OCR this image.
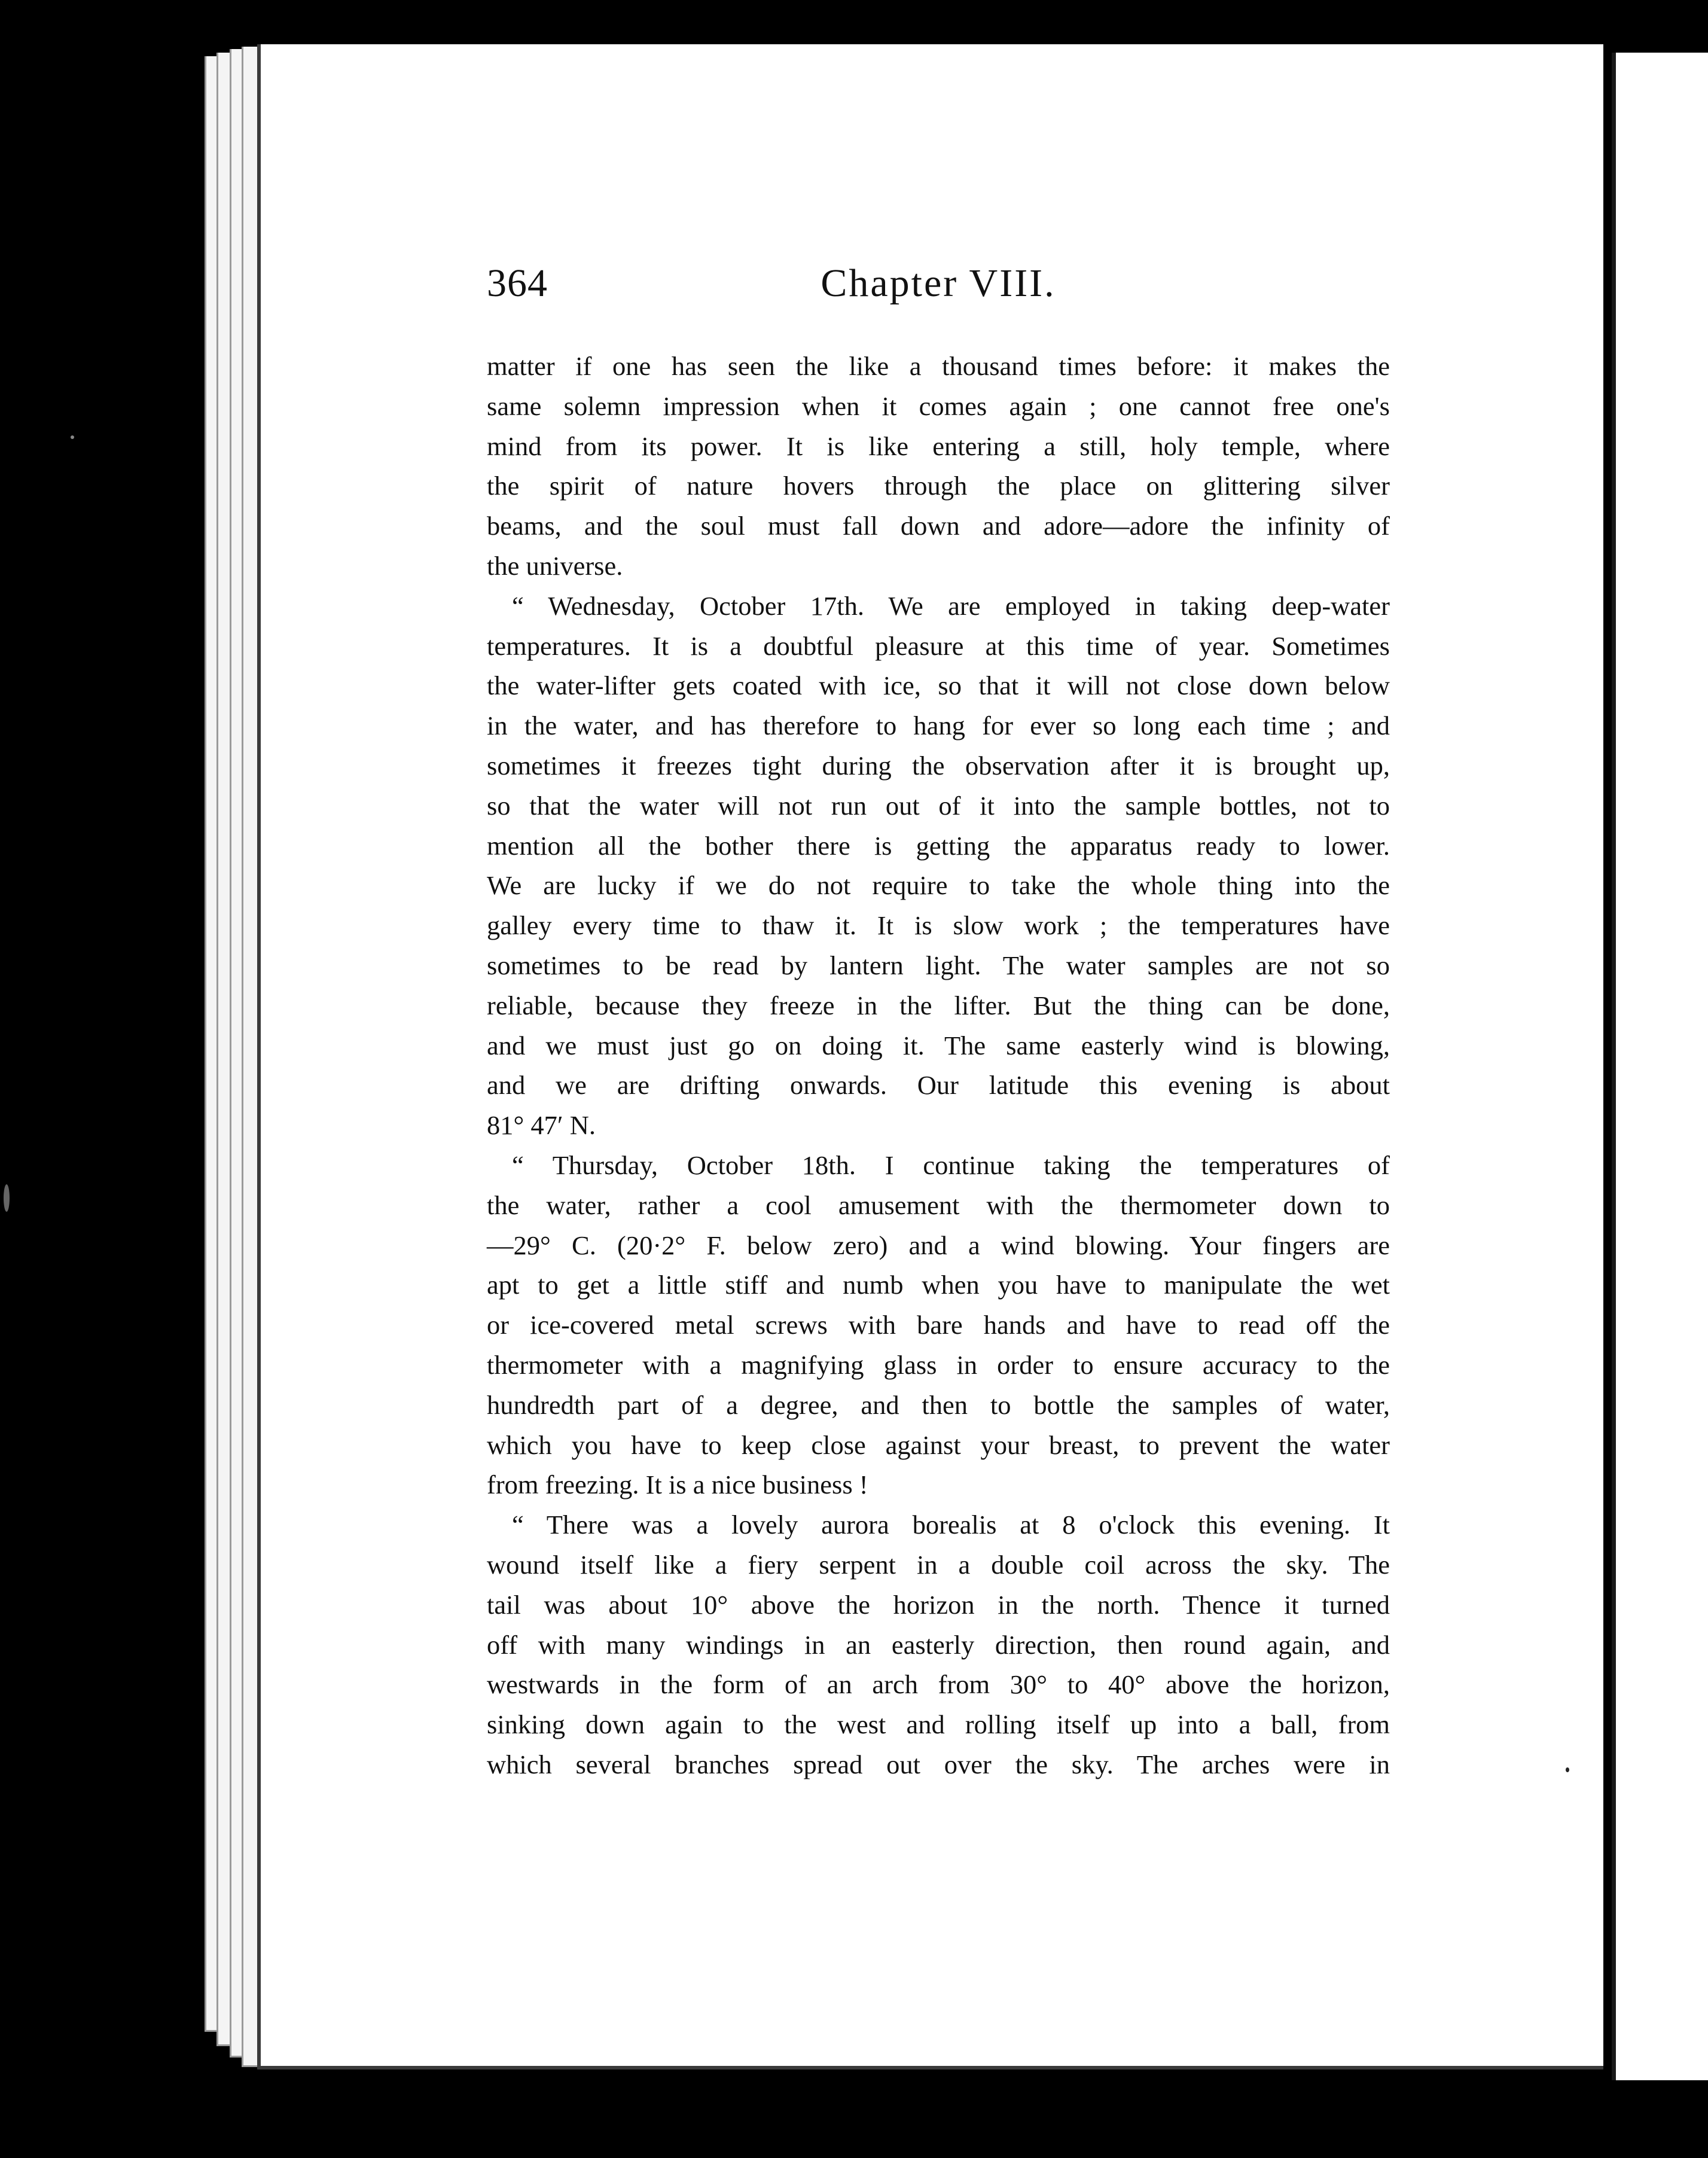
364	Chapter VIII.
matter if one has seen the like a thousand times before: it makes the
same solemn impression when it comes again ; one cannot free one's
mind from its power. It is like entering a still, holy temple, where
the spirit of nature hovers through the place on glittering silver
beams, and the soul must fall down and adore—adore the infinity of
the universe.
“ Wednesday, October 17th. We are employed in taking deep-water
temperatures. It is a doubtful pleasure at this time of year. Sometimes
the water-lifter gets coated with ice, so that it will not close down below
in the water, and has therefore to hang for ever so long each time ; and
sometimes it freezes tight during the observation after it is brought up,
so that the water will not run out of it into the sample bottles, not to
mention all the bother there is getting the apparatus ready to lower.
We are lucky if we do not require to take the whole thing into the
galley every time to thaw it. It is slow work ; the temperatures have
sometimes to be read by lantern light. The water samples are not so
reliable, because they freeze in the lifter. But the thing can be done,
and we must just go on doing it. The same easterly wind is blowing,
and we are drifting onwards. Our latitude this evening is about
81° 47′ N.
“ Thursday, October 18th. I continue taking the temperatures of
the water, rather a cool amusement with the thermometer down to
—29° C. (20·2° F. below zero) and a wind blowing. Your fingers are
apt to get a little stiff and numb when you have to manipulate the wet
or ice-covered metal screws with bare hands and have to read off the
thermometer with a magnifying glass in order to ensure accuracy to the
hundredth part of a degree, and then to bottle the samples of water,
which you have to keep close against your breast, to prevent the water
from freezing. It is a nice business !
“ There was a lovely aurora borealis at 8 o'clock this evening. It
wound itself like a fiery serpent in a double coil across the sky. The
tail was about 10° above the horizon in the north. Thence it turned
off with many windings in an easterly direction, then round again, and
westwards in the form of an arch from 30° to 40° above the horizon,
sinking down again to the west and rolling itself up into a ball, from
which several branches spread out over the sky. The arches were in
